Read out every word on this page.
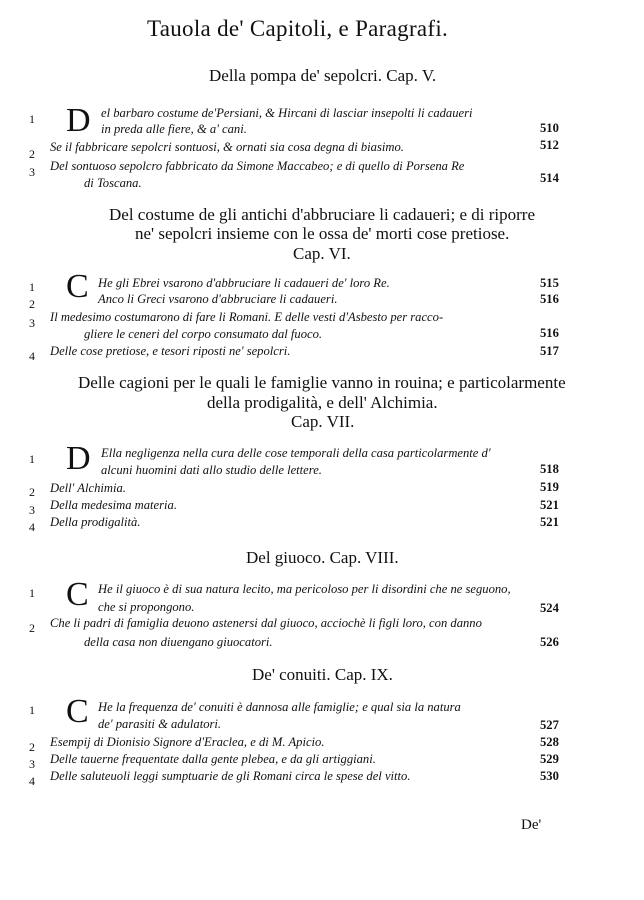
Tauola de' Capitoli, e Paragrafi.
Della pompa de' sepolcri. Cap. V.
1 D el barbaro costume de'Persiani, & Hircani di lasciar insepolti li cadaueri
in preda alle fiere, & a' cani.	510
2 Se il fabbricare sepolcri sontuosi, & ornati sia cosa degna di biasimo.	512
3 Del sontuoso sepolcro fabbricato da Simone Maccabeo; e di quello di Porsena Re
di Toscana.	514
Del costume de gli antichi d'abbruciare li cadaueri; e di riporre
ne' sepolcri insieme con le ossa de' morti cose pretiose.
Cap. VI.
1 C He gli Ebrei vsarono d'abbruciare li cadaueri de' loro Re.	515
2	Anco li Greci vsarono d'abbruciare li cadaueri.	516
3 Il medesimo costumarono di fare li Romani. E delle vesti d'Asbesto per racco-
gliere le ceneri del corpo consumato dal fuoco.	516
4 Delle cose pretiose, e tesori riposti ne' sepolcri.	517
Delle cagioni per le quali le famiglie vanno in rouina; e particolarmente
della prodigalità, e dell' Alchimia.
Cap. VII.
1 D Ella negligenza nella cura delle cose temporali della casa particolarmente d'
alcuni huomini dati allo studio delle lettere.	518
2 Dell' Alchimia.	519
3 Della medesima materia.	521
4 Della prodigalità.	521
Del giuoco. Cap. VIII.
1 C He il giuoco è di sua natura lecito, ma pericoloso per li disordini che ne seguono,
che si propongono.	524
2 Che li padri di famiglia deuono astenersi dal giuoco, acciochè li figli loro, con danno
della casa non diuengano giuocatori.	526
De' conuiti. Cap. IX.
1 C He la frequenza de' conuiti è dannosa alle famiglie; e qual sia la natura
de' parasiti & adulatori.	527
2 Esempij di Dionisio Signore d'Eraclea, e di M. Apicio.	528
3 Delle tauerne frequentate dalla gente plebea, e da gli artiggiani.	529
4 Delle saluteuoli leggi sumptuarie de gli Romani circa le spese del vitto.	530
De'
